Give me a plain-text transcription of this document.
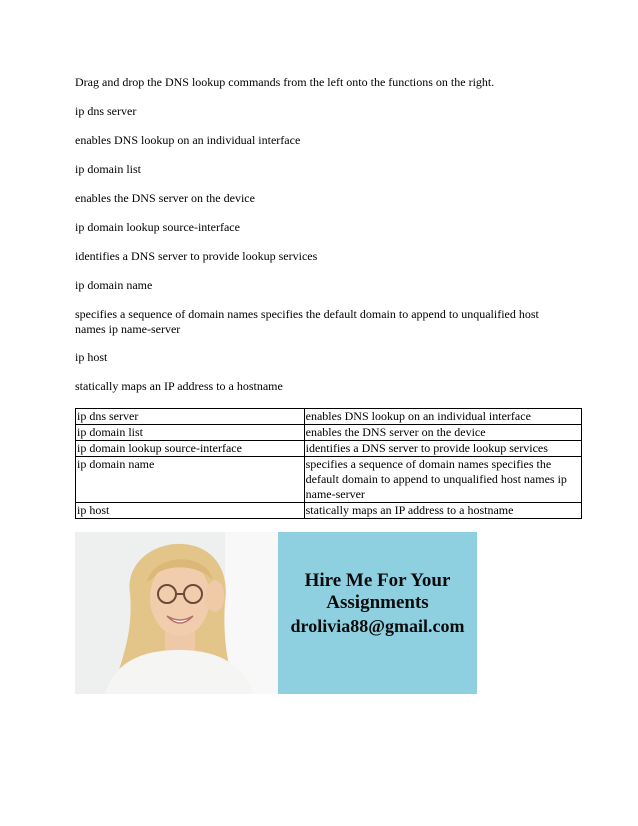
Drag and drop the DNS lookup commands from the left onto the functions on the right.

ip dns server

enables DNS lookup on an individual interface

ip domain list

enables the DNS server on the device

ip domain lookup source-interface

identifies a DNS server to provide lookup services

ip domain name

specifies a sequence of domain names specifies the default domain to append to unqualified host names ip name-server

ip host

statically maps an IP address to a hostname

ip dns server	enables DNS lookup on an individual interface
ip domain list	enables the DNS server on the device
ip domain lookup source-interface	identifies a DNS server to provide lookup services
ip domain name	specifies a sequence of domain names specifies the default domain to append to unqualified host names ip name-server
ip host	statically maps an IP address to a hostname
Hire Me For Your
Assignments
drolivia88@gmail.com
